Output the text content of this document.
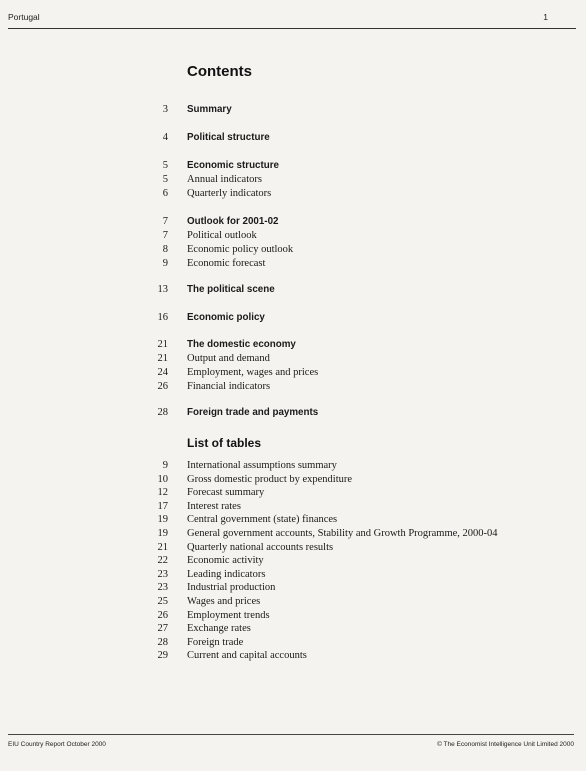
Portugal	1
Contents
3 Summary
4 Political structure
5 Economic structure
5 Annual indicators
6 Quarterly indicators
7 Outlook for 2001-02
7 Political outlook
8 Economic policy outlook
9 Economic forecast
13 The political scene
16 Economic policy
21 The domestic economy
21 Output and demand
24 Employment, wages and prices
26 Financial indicators
28 Foreign trade and payments
List of tables
9 International assumptions summary
10 Gross domestic product by expenditure
12 Forecast summary
17 Interest rates
19 Central government (state) finances
19 General government accounts, Stability and Growth Programme, 2000-04
21 Quarterly national accounts results
22 Economic activity
23 Leading indicators
23 Industrial production
25 Wages and prices
26 Employment trends
27 Exchange rates
28 Foreign trade
29 Current and capital accounts
EIU Country Report October 2000	© The Economist Intelligence Unit Limited 2000
